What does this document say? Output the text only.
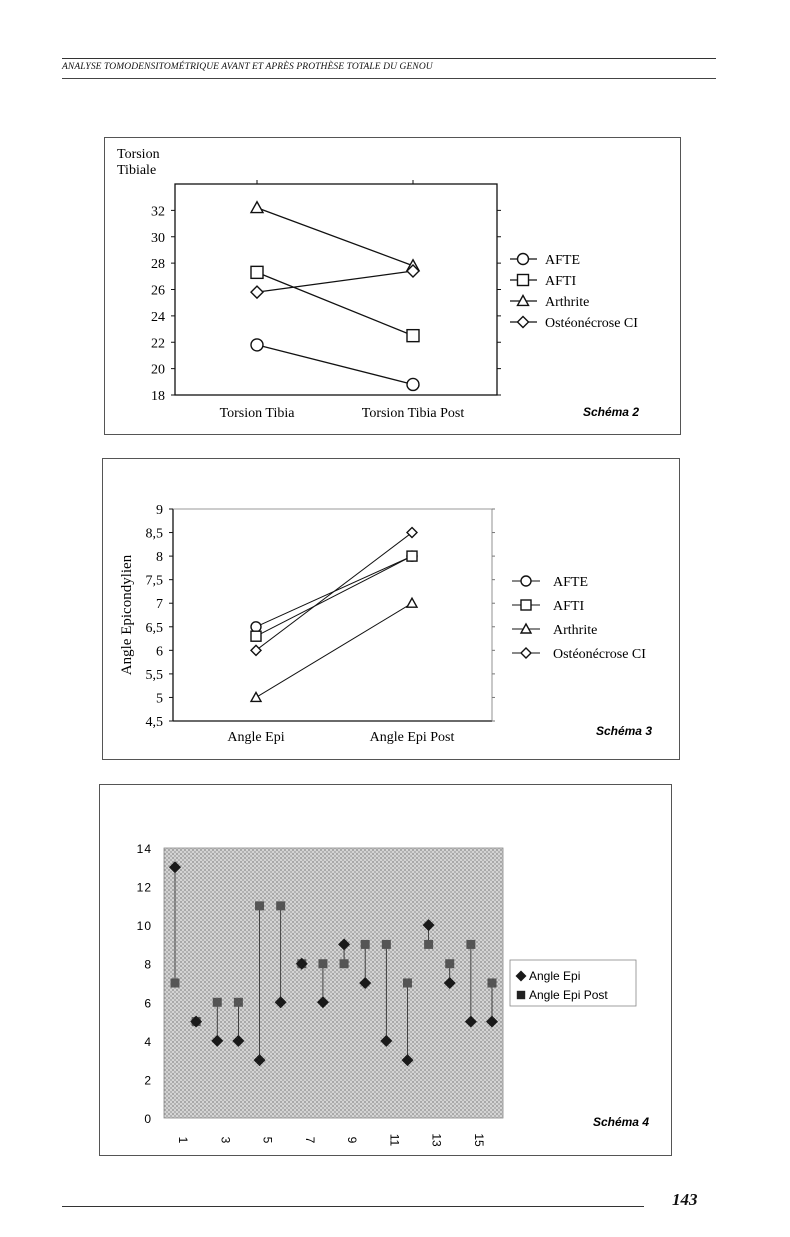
ANALYSE TOMODENSITOMÉTRIQUE AVANT ET APRÈS PROTHÈSE TOTALE DU GENOU
Torsion
Tibiale
18
20
22
24
26
28
30
32
Torsion Tibia	Torsion Tibia Post
AFTE
AFTI
Arthrite
Ostéonécrose CI
Schéma 2
Angle Epicondylien
4,5
5
5,5
6
6,5
7
7,5
8
8,5
9
Angle Epi	Angle Epi Post
AFTE
AFTI
Arthrite
Ostéonécrose CI
Schéma 3
0
2
4
6
8
10
12
14
1 3 5 7 9 11 13 15
Angle Epi
Angle Epi Post
Schéma 4
143
